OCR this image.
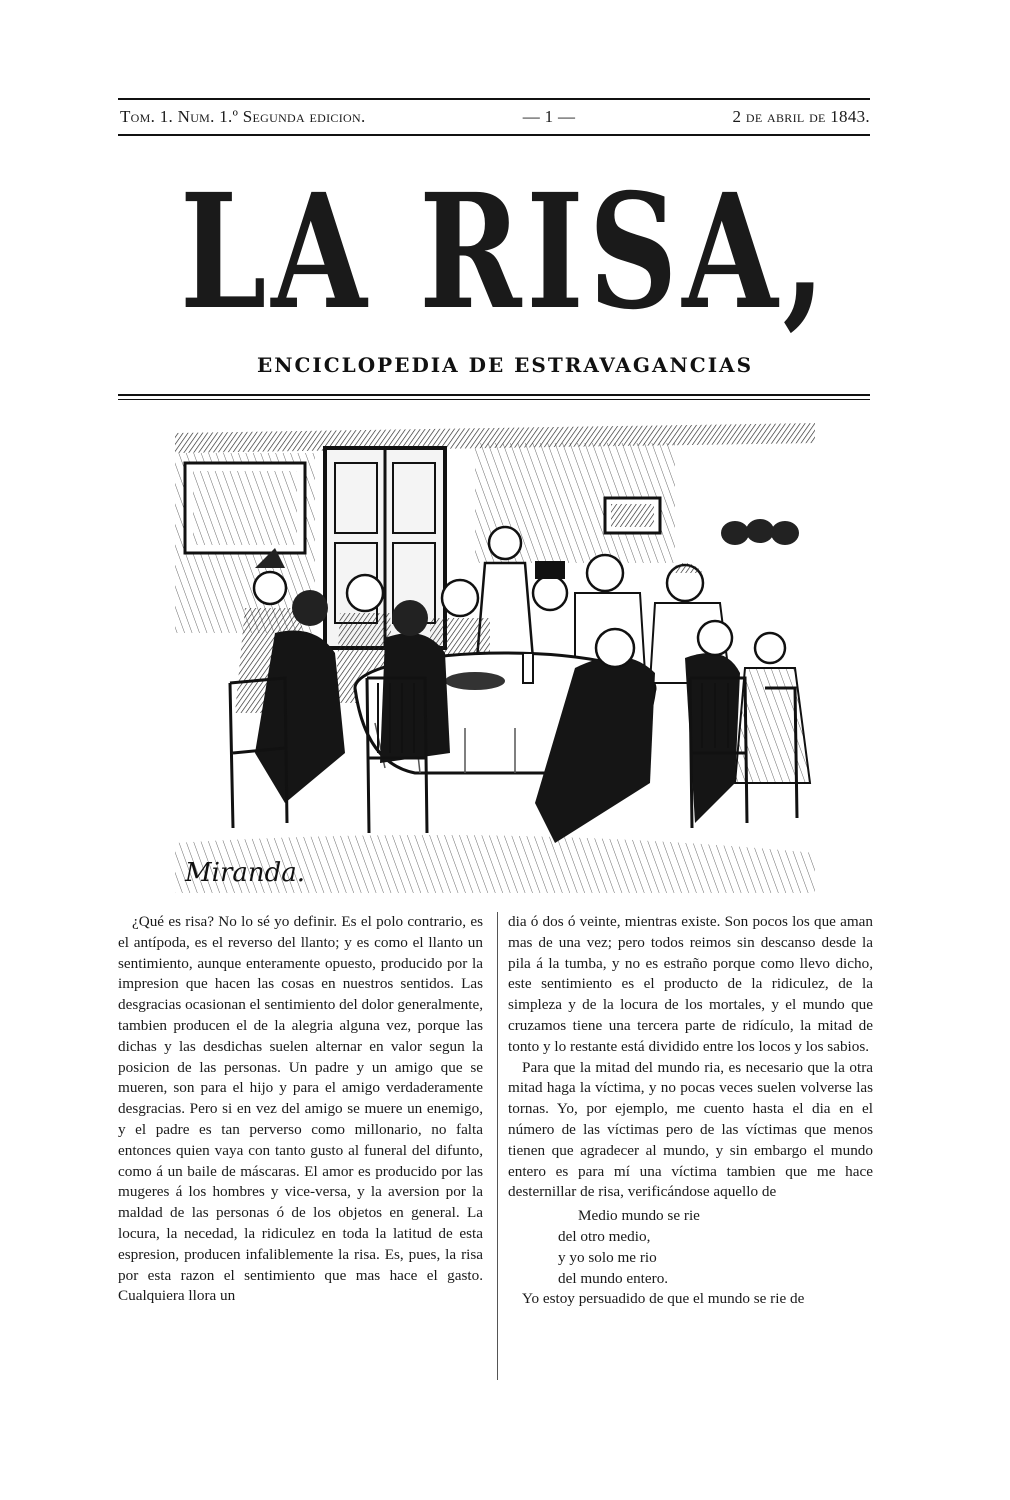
Tom. 1. Num. 1.º Segunda edicion.	— 1 —	2 de abril de 1843.
LA RISA,
ENCICLOPEDIA DE ESTRAVAGANCIAS
Miranda.

¿Qué es risa? No lo sé yo definir. Es el polo contrario, es el antípoda, es el reverso del llanto; y es como el llanto un sentimiento, aunque enteramente opuesto, producido por la impresion que hacen las cosas en nuestros sentidos. Las desgracias ocasionan el sentimiento del dolor generalmente, tambien producen el de la alegria alguna vez, porque las dichas y las desdichas suelen alternar en valor segun la posicion de las personas. Un padre y un amigo que se mueren, son para el hijo y para el amigo verdaderamente desgracias. Pero si en vez del amigo se muere un enemigo, y el padre es tan perverso como millonario, no falta entonces quien vaya con tanto gusto al funeral del difunto, como á un baile de máscaras. El amor es producido por las mugeres á los hombres y vice-versa, y la aversion por la maldad de las personas ó de los objetos en general. La locura, la necedad, la ridiculez en toda la latitud de esta espresion, producen infaliblemente la risa. Es, pues, la risa por esta razon el sentimiento que mas hace el gasto. Cualquiera llora un

dia ó dos ó veinte, mientras existe. Son pocos los que aman mas de una vez; pero todos reimos sin descanso desde la pila á la tumba, y no es estraño porque como llevo dicho, este sentimiento es el producto de la ridiculez, de la simpleza y de la locura de los mortales, y el mundo que cruzamos tiene una tercera parte de ridículo, la mitad de tonto y lo restante está dividido entre los locos y los sabios.

Para que la mitad del mundo ria, es necesario que la otra mitad haga la víctima, y no pocas veces suelen volverse las tornas. Yo, por ejemplo, me cuento hasta el dia en el número de las víctimas pero de las víctimas que menos tienen que agradecer al mundo, y sin embargo el mundo entero es para mí una víctima tambien que me hace desternillar de risa, verificándose aquello de

Medio mundo se rie
del otro medio,
y yo solo me rio
del mundo entero.

Yo estoy persuadido de que el mundo se rie de
